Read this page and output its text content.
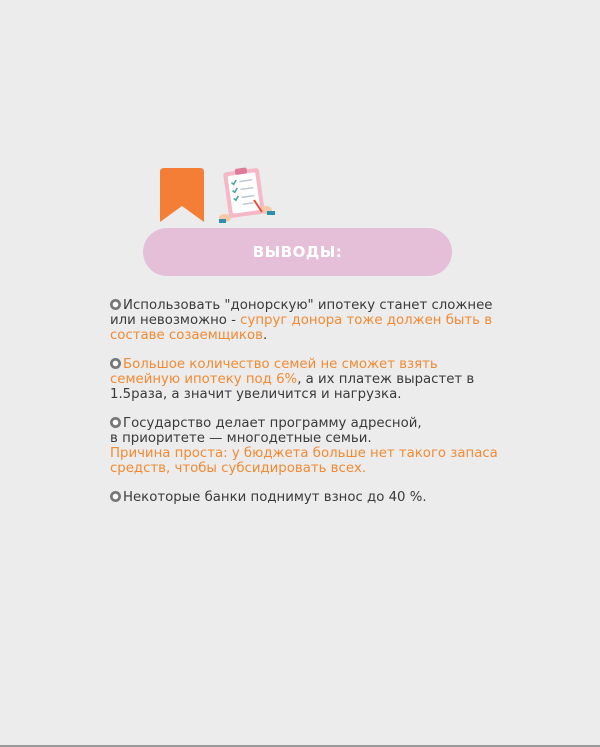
ВЫВОДЫ:

Использовать "донорскую" ипотеку станет сложнее или невозможно - супруг донора тоже должен быть в составе созаемщиков.

Большое количество семей не сможет взять семейную ипотеку под 6%, а их платеж вырастет в 1.5раза, а значит увеличится и нагрузка.

Государство делает программу адресной,
в приоритете — многодетные семьи.
Причина проста: у бюджета больше нет такого запаса средств, чтобы субсидировать всех.

Некоторые банки поднимут взнос до 40 %.
